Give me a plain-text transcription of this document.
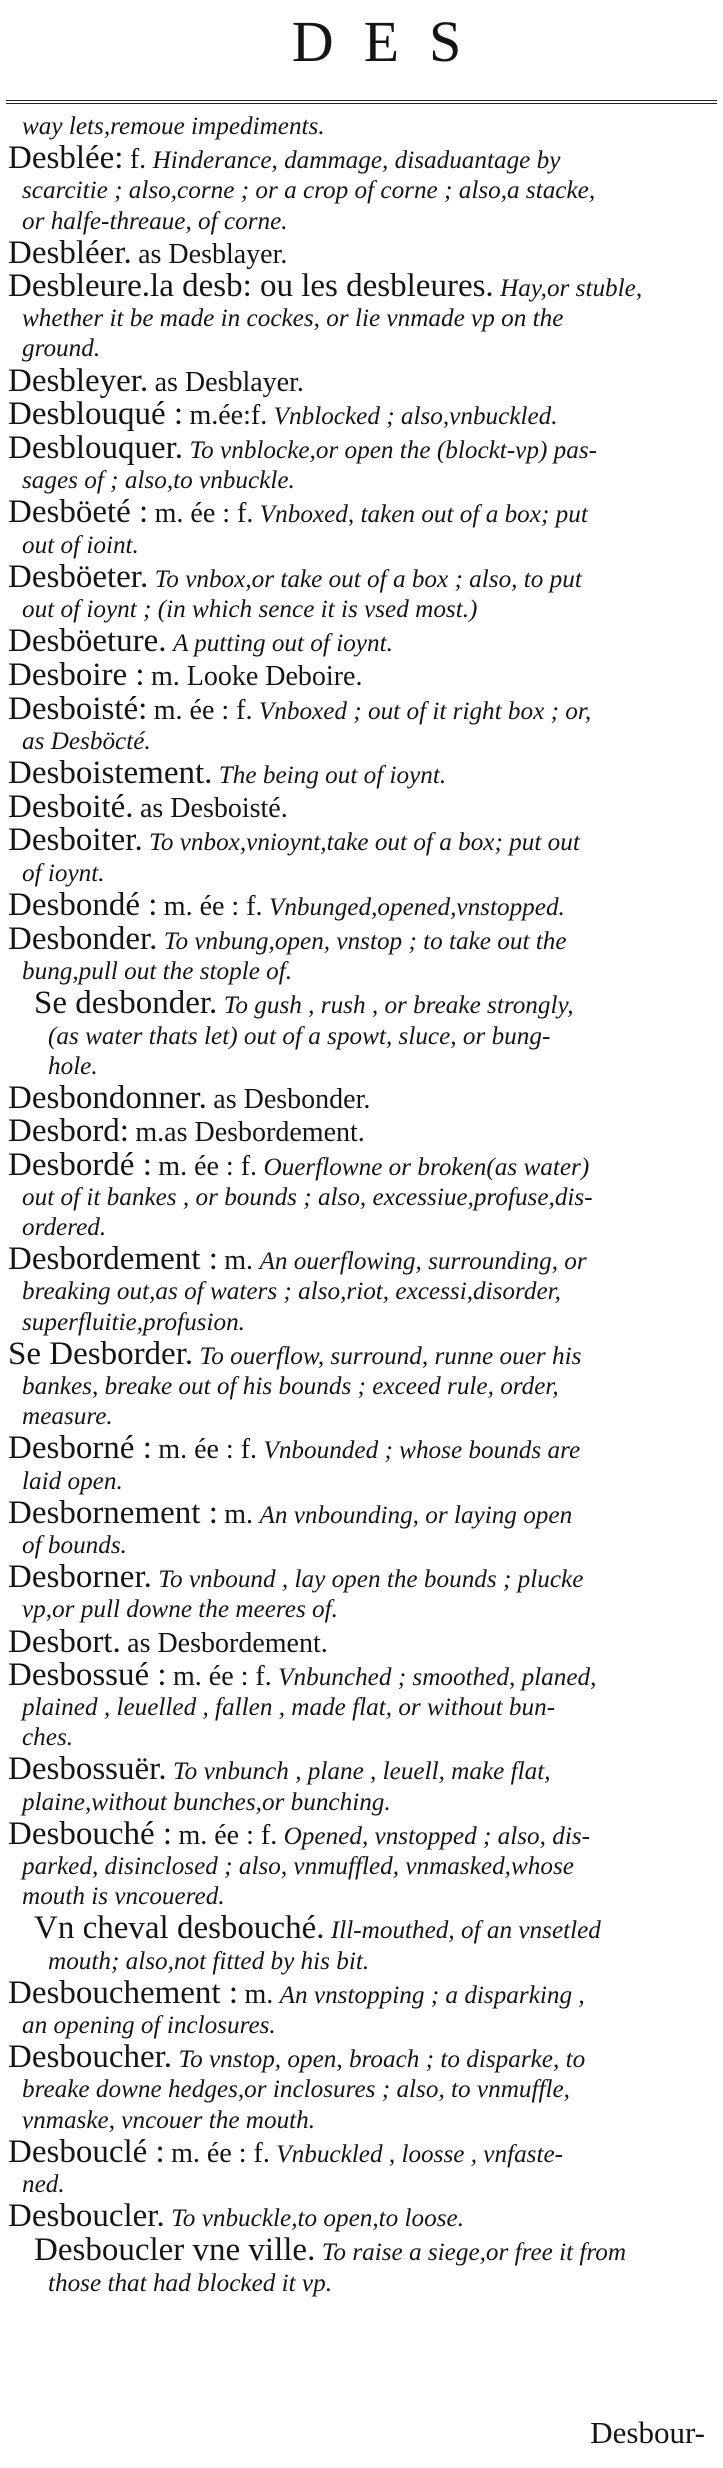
DES
way lets,remoue impediments.
Desblée: f. Hinderance, dammage, disaduantage by
scarcitie ; also,corne ; or a crop of corne ; also,a stacke,
or halfe-threaue, of corne.
Desbléer. as Desblayer.
Desbleure.la desb: ou les desbleures. Hay,or stuble,
whether it be made in cockes, or lie vnmade vp on the
ground.
Desbleyer. as Desblayer.
Desblouqué : m.ée:f. Vnblocked ; also,vnbuckled.
Desblouquer. To vnblocke,or open the (blockt-vp) pas-
sages of ; also,to vnbuckle.
Desböeté : m. ée : f. Vnboxed, taken out of a box; put
out of ioint.
Desböeter. To vnbox,or take out of a box ; also, to put
out of ioynt ; (in which sence it is vsed most.)
Desböeture. A putting out of ioynt.
Desboire : m. Looke Deboire.
Desboisté: m. ée : f. Vnboxed ; out of it right box ; or,
as Desböcté.
Desboistement. The being out of ioynt.
Desboité. as Desboisté.
Desboiter. To vnbox,vnioynt,take out of a box; put out
of ioynt.
Desbondé : m. ée : f. Vnbunged,opened,vnstopped.
Desbonder. To vnbung,open, vnstop ; to take out the
bung,pull out the stople of.
Se desbonder. To gush , rush , or breake strongly,
(as water thats let) out of a spowt, sluce, or bung-
hole.
Desbondonner. as Desbonder.
Desbord: m.as Desbordement.
Desbordé : m. ée : f. Ouerflowne or broken(as water)
out of it bankes , or bounds ; also, excessiue,profuse,dis-
ordered.
Desbordement : m. An ouerflowing, surrounding, or
breaking out,as of waters ; also,riot, excessi,disorder,
superfluitie,profusion.
Se Desborder. To ouerflow, surround, runne ouer his
bankes, breake out of his bounds ; exceed rule, order,
measure.
Desborné : m. ée : f. Vnbounded ; whose bounds are
laid open.
Desbornement : m. An vnbounding, or laying open
of bounds.
Desborner. To vnbound , lay open the bounds ; plucke
vp,or pull downe the meeres of.
Desbort. as Desbordement.
Desbossué : m. ée : f. Vnbunched ; smoothed, planed,
plained , leuelled , fallen , made flat, or without bun-
ches.
Desbossuër. To vnbunch , plane , leuell, make flat,
plaine,without bunches,or bunching.
Desbouché : m. ée : f. Opened, vnstopped ; also, dis-
parked, disinclosed ; also, vnmuffled, vnmasked,whose
mouth is vncouered.
Vn cheval desbouché. Ill-mouthed, of an vnsetled
mouth; also,not fitted by his bit.
Desbouchement : m. An vnstopping ; a disparking ,
an opening of inclosures.
Desboucher. To vnstop, open, broach ; to disparke, to
breake downe hedges,or inclosures ; also, to vnmuffle,
vnmaske, vncouer the mouth.
Desbouclé : m. ée : f. Vnbuckled , loosse , vnfaste-
ned.
Desboucler. To vnbuckle,to open,to loose.
Desboucler vne ville. To raise a siege,or free it from
those that had blocked it vp.
Desbour-
